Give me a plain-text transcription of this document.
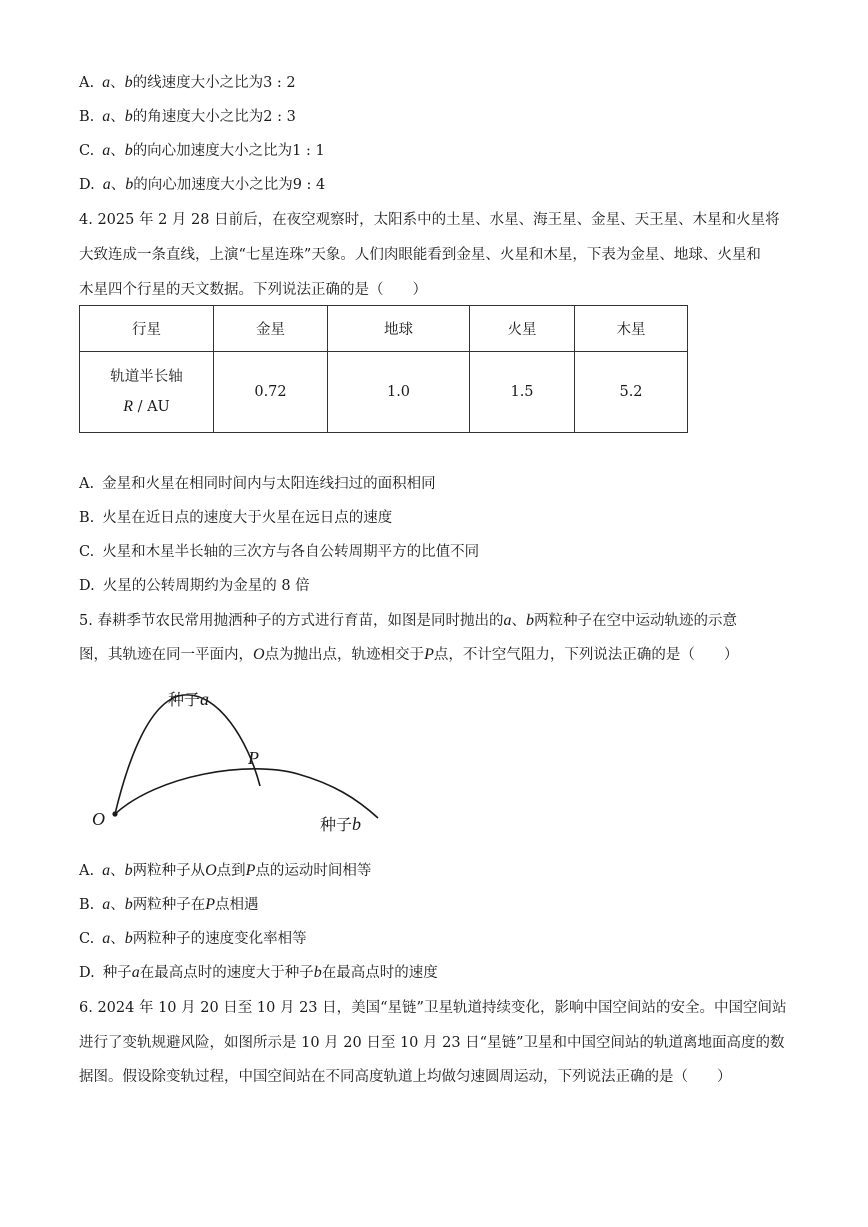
A. a、b的线速度大小之比为3 : 2
B. a、b的角速度大小之比为2 : 3
C. a、b的向心加速度大小之比为1 : 1
D. a、b的向心加速度大小之比为9 : 4
4. 2025 年 2 月 28 日前后，在夜空观察时，太阳系中的土星、水星、海王星、金星、天王星、木星和火星将
大致连成一条直线，上演“七星连珠”天象。人们肉眼能看到金星、火星和木星，下表为金星、地球、火星和
木星四个行星的天文数据。下列说法正确的是（　　）
行星	金星	地球	火星	木星

轨道半长轴
R / AU	0.72	1.0	1.5	5.2
A. 金星和火星在相同时间内与太阳连线扫过的面积相同
B. 火星在近日点的速度大于火星在远日点的速度
C. 火星和木星半长轴的三次方与各自公转周期平方的比值不同
D. 火星的公转周期约为金星的 8 倍
5. 春耕季节农民常用抛洒种子的方式进行育苗，如图是同时抛出的a、b两粒种子在空中运动轨迹的示意
图，其轨迹在同一平面内，O点为抛出点，轨迹相交于P点，不计空气阻力，下列说法正确的是（　　）
O
P
种子a
种子b
A. a、b两粒种子从O点到P点的运动时间相等
B. a、b两粒种子在P点相遇
C. a、b两粒种子的速度变化率相等
D. 种子a在最高点时的速度大于种子b在最高点时的速度
6. 2024 年 10 月 20 日至 10 月 23 日，美国“星链”卫星轨道持续变化，影响中国空间站的安全。中国空间站
进行了变轨规避风险，如图所示是 10 月 20 日至 10 月 23 日“星链”卫星和中国空间站的轨道离地面高度的数
据图。假设除变轨过程，中国空间站在不同高度轨道上均做匀速圆周运动，下列说法正确的是（　　）
